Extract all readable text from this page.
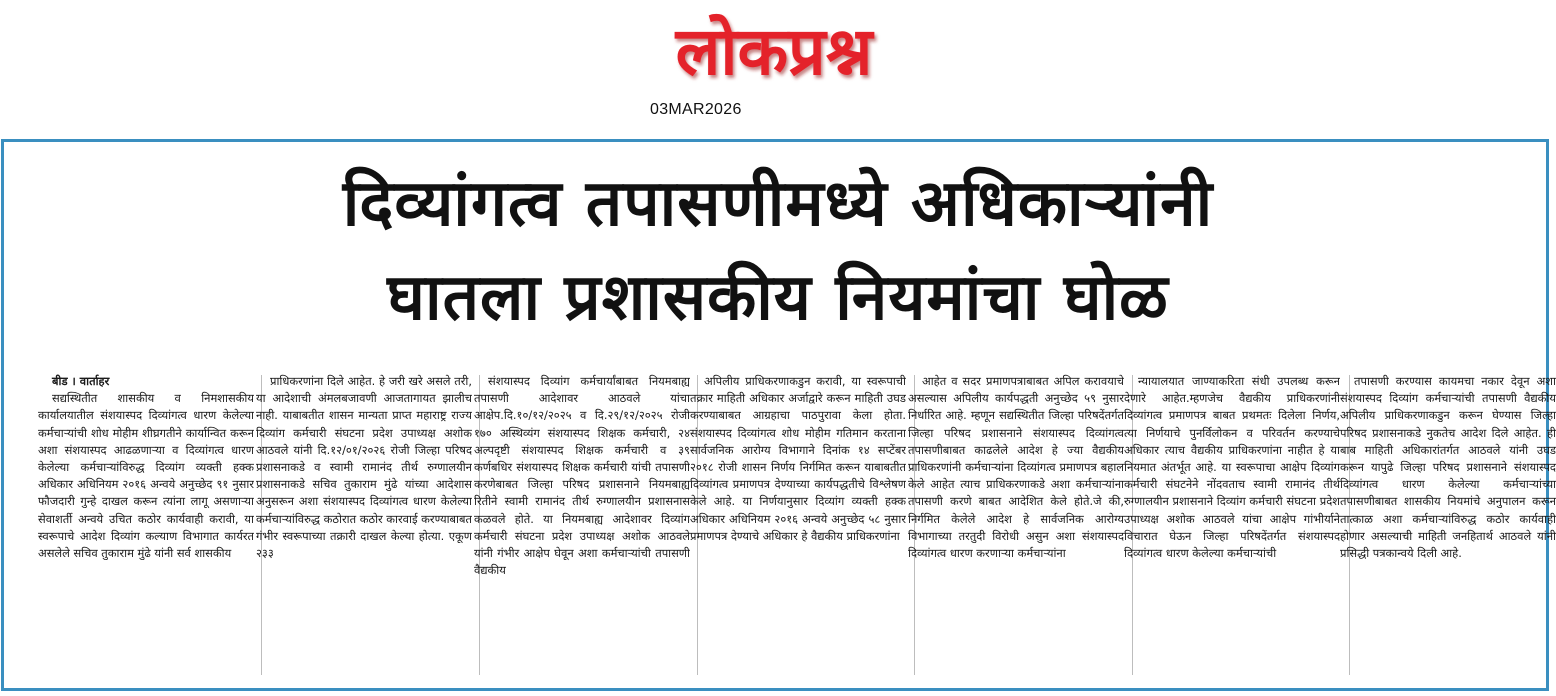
लोकप्रश्न
03MAR2026
दिव्यांगत्व तपासणीमध्ये अधिकाऱ्यांनी
घातला प्रशासकीय नियमांचा घोळ

बीड । वार्ताहर

सद्यस्थितीत शासकीय व निमशासकीय कार्यालयातील संशयास्पद दिव्यांगत्व धारण केलेल्या कर्मचाऱ्यांची शोध मोहीम शीघ्रगतीने कार्यान्वित करून अशा संशयास्पद आढळणाऱ्या व दिव्यांगत्व धारण केलेल्या कर्मचाऱ्यांविरुद्ध दिव्यांग व्यक्ती हक्क अधिकार अधिनियम २०१६ अन्वये अनुच्छेद ९१ नुसार फौजदारी गुन्हे दाखल करून त्यांना लागू असणाऱ्या सेवाशर्ती अन्वये उचित कठोर कार्यवाही करावी, या स्वरूपाचे आदेश दिव्यांग कल्याण विभागात कार्यरत असलेले सचिव तुकाराम मुंढे यांनी सर्व शासकीय

प्राधिकरणांना दिले आहेत. हे जरी खरे असले तरी, या आदेशाची अंमलबजावणी आजतागायत झालीच नाही. याबाबतीत शासन मान्यता प्राप्त महाराष्ट्र राज्य दिव्यांग कर्मचारी संघटना प्रदेश उपाध्यक्ष अशोक आठवले यांनी दि.१२/०१/२०२६ रोजी जिल्हा परिषद प्रशासनाकडे व स्वामी रामानंद तीर्थ रुग्णालयीन प्रशासनाकडे सचिव तुकाराम मुंढे यांच्या आदेशास अनुसरून अशा संशयास्पद दिव्यांगत्व धारण केलेल्या कर्मचाऱ्यांविरुद्ध कठोरात कठोर कारवाई करण्याबाबत गंभीर स्वरूपाच्या तक्रारी दाखल केल्या होत्या. एकूण २३३

संशयास्पद दिव्यांग कर्मचार्यांबाबत नियमबाह्य तपासणी आदेशावर आठवले यांचा आक्षेप.दि.१०/१२/२०२५ व दि.२९/१२/२०२५ रोजी १७० अस्थिव्यंग संशयास्पद शिक्षक कर्मचारी, २४ अल्पदृष्टी संशयास्पद शिक्षक कर्मचारी व ३९ कर्णबधिर संशयास्पद शिक्षक कर्मचारी यांची तपासणी करणेबाबत जिल्हा परिषद प्रशासनाने नियमबाह्य रितीने स्वामी रामानंद तीर्थ रुग्णालयीन प्रशासनास कळवले होते. या नियमबाह्य आदेशावर दिव्यांग कर्मचारी संघटना प्रदेश उपाध्यक्ष अशोक आठवले यांनी गंभीर आक्षेप घेवून अशा कर्मचाऱ्यांची तपासणी वैद्यकीय

अपिलीय प्राधिकरणाकडुन करावी, या स्वरूपाची तक्रार माहिती अधिकार अर्जाद्वारे करून माहिती उघड करण्याबाबत आग्रहाचा पाठपुरावा केला होता. संशयास्पद दिव्यांगत्व शोध मोहीम गतिमान करताना सार्वजनिक आरोग्य विभागाने दिनांक १४ सप्टेंबर २०१८ रोजी शासन निर्णय निर्गमित करून याबाबतीत दिव्यांगत्व प्रमाणपत्र देण्याच्या कार्यपद्धतीचे विश्लेषण केले आहे. या निर्णयानुसार दिव्यांग व्यक्ती हक्क अधिकार अधिनियम २०१६ अन्वये अनुच्छेद ५८ नुसार प्रमाणपत्र देण्याचे अधिकार हे वैद्यकीय प्राधिकरणांना

आहेत व सदर प्रमाणपत्राबाबत अपिल करावयाचे असल्यास अपिलीय कार्यपद्धती अनुच्छेद ५९ नुसार निर्धारित आहे. म्हणून सद्यस्थितीत जिल्हा परिषदेंतर्गत जिल्हा परिषद प्रशासनाने संशयास्पद दिव्यांगत्व तपासणीबाबत काढलेले आदेश हे ज्या वैद्यकीय प्राधिकरणांनी कर्मचाऱ्यांना दिव्यांगत्व प्रमाणपत्र बहाल केले आहेत त्याच प्राधिकरणाकडे अशा कर्मचाऱ्यांना तपासणी करणे बाबत आदेशित केले होते.जे की, निर्गमित केलेले आदेश हे सार्वजनिक आरोग्य विभागाच्या तरतुदी विरोधी असुन अशा संशयास्पद दिव्यांगत्व धारण करणाऱ्या कर्मचाऱ्यांना

न्यायालयात जाण्याकरिता संधी उपलब्ध करून देणारे आहेत.म्हणजेच वैद्यकीय प्राधिकरणांनी दिव्यांगत्व प्रमाणपत्र बाबत प्रथमतः दिलेला निर्णय, त्या निर्णयाचे पुनर्विलोकन व परिवर्तन करण्याचे अधिकार त्याच वैद्यकीय प्राधिकरणांना नाहीत हे या नियमात अंतर्भूत आहे. या स्वरूपाचा आक्षेप दिव्यांग कर्मचारी संघटनेने नोंदवताच स्वामी रामानंद तीर्थ रुग्णालयीन प्रशासनाने दिव्यांग कर्मचारी संघटना प्रदेश उपाध्यक्ष अशोक आठवले यांचा आक्षेप गांभीर्याने विचारात घेऊन जिल्हा परिषदेंतर्गत संशयास्पद दिव्यांगत्व धारण केलेल्या कर्मचाऱ्यांची

तपासणी करण्यास कायमचा नकार देवून अशा संशयास्पद दिव्यांग कर्मचाऱ्यांची तपासणी वैद्यकीय अपिलीय प्राधिकरणाकडुन करून घेण्यास जिल्हा परिषद प्रशासनाकडे नुकतेच आदेश दिले आहेत. ही बाब माहिती अधिकारांतर्गत आठवले यांनी उघड करून यापुढे जिल्हा परिषद प्रशासनाने संशयास्पद दिव्यांगत्व धारण केलेल्या कर्मचाऱ्यांच्या तपासणीबाबत शासकीय नियमांचे अनुपालन करून तात्काळ अशा कर्मचाऱ्यांविरुद्ध कठोर कार्यवाही होणार असल्याची माहिती जनहितार्थ आठवले यांनी प्रसिद्धी पत्रकान्वये दिली आहे.
